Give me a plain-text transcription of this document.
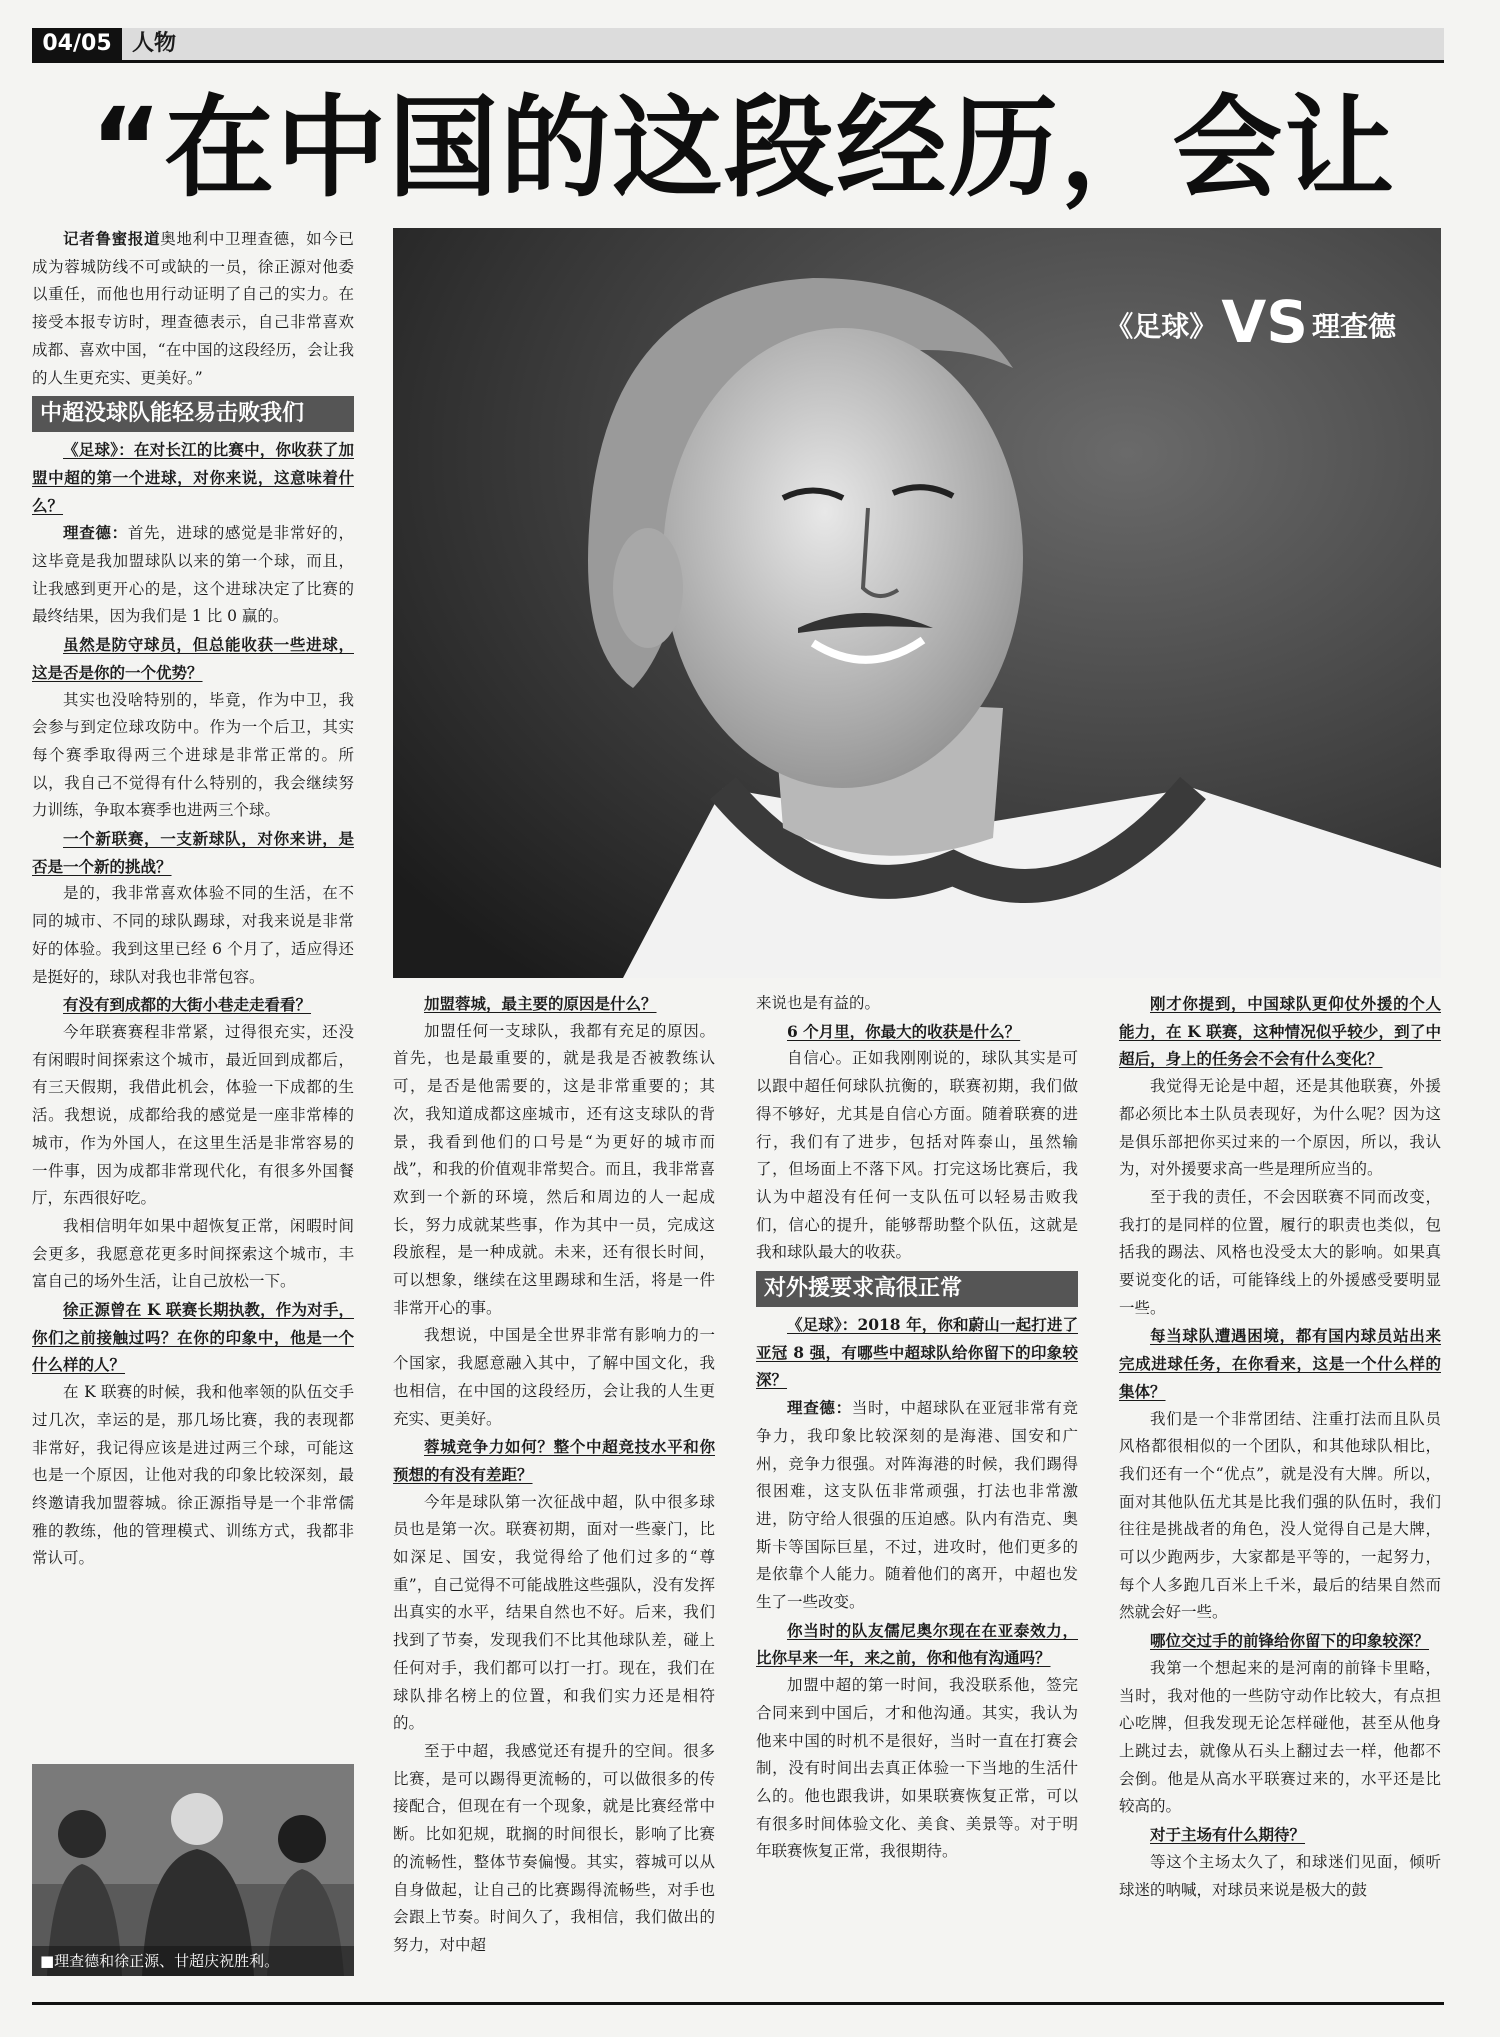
04/05 人物
“在中国的这段经历，会让
《足球》VS 理查德

记者鲁蜜报道奥地利中卫理查德，如今已成为蓉城防线不可或缺的一员，徐正源对他委以重任，而他也用行动证明了自己的实力。在接受本报专访时，理查德表示，自己非常喜欢成都、喜欢中国，“在中国的这段经历，会让我的人生更充实、更美好。”

中超没球队能轻易击败我们

《足球》：在对长江的比赛中，你收获了加盟中超的第一个进球，对你来说，这意味着什么？

理查德：首先，进球的感觉是非常好的，这毕竟是我加盟球队以来的第一个球，而且，让我感到更开心的是，这个进球决定了比赛的最终结果，因为我们是 1 比 0 赢的。

虽然是防守球员，但总能收获一些进球，这是否是你的一个优势？

其实也没啥特别的，毕竟，作为中卫，我会参与到定位球攻防中。作为一个后卫，其实每个赛季取得两三个进球是非常正常的。所以，我自己不觉得有什么特别的，我会继续努力训练，争取本赛季也进两三个球。

一个新联赛，一支新球队，对你来讲，是否是一个新的挑战？

是的，我非常喜欢体验不同的生活，在不同的城市、不同的球队踢球，对我来说是非常好的体验。我到这里已经 6 个月了，适应得还是挺好的，球队对我也非常包容。

有没有到成都的大街小巷走走看看？

今年联赛赛程非常紧，过得很充实，还没有闲暇时间探索这个城市，最近回到成都后，有三天假期，我借此机会，体验一下成都的生活。我想说，成都给我的感觉是一座非常棒的城市，作为外国人，在这里生活是非常容易的一件事，因为成都非常现代化，有很多外国餐厅，东西很好吃。

我相信明年如果中超恢复正常，闲暇时间会更多，我愿意花更多时间探索这个城市，丰富自己的场外生活，让自己放松一下。

徐正源曾在 K 联赛长期执教，作为对手，你们之前接触过吗？在你的印象中，他是一个什么样的人？

在 K 联赛的时候，我和他率领的队伍交手过几次，幸运的是，那几场比赛，我的表现都非常好，我记得应该是进过两三个球，可能这也是一个原因，让他对我的印象比较深刻，最终邀请我加盟蓉城。徐正源指导是一个非常儒雅的教练，他的管理模式、训练方式，我都非常认可。

■理查德和徐正源、甘超庆祝胜利。

加盟蓉城，最主要的原因是什么？

加盟任何一支球队，我都有充足的原因。首先，也是最重要的，就是我是否被教练认可，是否是他需要的，这是非常重要的；其次，我知道成都这座城市，还有这支球队的背景，我看到他们的口号是“为更好的城市而战”，和我的价值观非常契合。而且，我非常喜欢到一个新的环境，然后和周边的人一起成长，努力成就某些事，作为其中一员，完成这段旅程，是一种成就。未来，还有很长时间，可以想象，继续在这里踢球和生活，将是一件非常开心的事。

我想说，中国是全世界非常有影响力的一个国家，我愿意融入其中，了解中国文化，我也相信，在中国的这段经历，会让我的人生更充实、更美好。

蓉城竞争力如何？整个中超竞技水平和你预想的有没有差距？

今年是球队第一次征战中超，队中很多球员也是第一次。联赛初期，面对一些豪门，比如深足、国安，我觉得给了他们过多的“尊重”，自己觉得不可能战胜这些强队，没有发挥出真实的水平，结果自然也不好。后来，我们找到了节奏，发现我们不比其他球队差，碰上任何对手，我们都可以打一打。现在，我们在球队排名榜上的位置，和我们实力还是相符的。

至于中超，我感觉还有提升的空间。很多比赛，是可以踢得更流畅的，可以做很多的传接配合，但现在有一个现象，就是比赛经常中断。比如犯规，耽搁的时间很长，影响了比赛的流畅性，整体节奏偏慢。其实，蓉城可以从自身做起，让自己的比赛踢得流畅些，对手也会跟上节奏。时间久了，我相信，我们做出的努力，对中超

来说也是有益的。

6 个月里，你最大的收获是什么？

自信心。正如我刚刚说的，球队其实是可以跟中超任何球队抗衡的，联赛初期，我们做得不够好，尤其是自信心方面。随着联赛的进行，我们有了进步，包括对阵泰山，虽然输了，但场面上不落下风。打完这场比赛后，我认为中超没有任何一支队伍可以轻易击败我们，信心的提升，能够帮助整个队伍，这就是我和球队最大的收获。

对外援要求高很正常

《足球》：2018 年，你和蔚山一起打进了亚冠 8 强，有哪些中超球队给你留下的印象较深？

理查德：当时，中超球队在亚冠非常有竞争力，我印象比较深刻的是海港、国安和广州，竞争力很强。对阵海港的时候，我们踢得很困难，这支队伍非常顽强，打法也非常激进，防守给人很强的压迫感。队内有浩克、奥斯卡等国际巨星，不过，进攻时，他们更多的是依靠个人能力。随着他们的离开，中超也发生了一些改变。

你当时的队友儒尼奥尔现在在亚泰效力，比你早来一年，来之前，你和他有沟通吗？

加盟中超的第一时间，我没联系他，签完合同来到中国后，才和他沟通。其实，我认为他来中国的时机不是很好，当时一直在打赛会制，没有时间出去真正体验一下当地的生活什么的。他也跟我讲，如果联赛恢复正常，可以有很多时间体验文化、美食、美景等。对于明年联赛恢复正常，我很期待。

刚才你提到，中国球队更仰仗外援的个人能力，在 K 联赛，这种情况似乎较少，到了中超后，身上的任务会不会有什么变化？

我觉得无论是中超，还是其他联赛，外援都必须比本土队员表现好，为什么呢？因为这是俱乐部把你买过来的一个原因，所以，我认为，对外援要求高一些是理所应当的。

至于我的责任，不会因联赛不同而改变，我打的是同样的位置，履行的职责也类似，包括我的踢法、风格也没受太大的影响。如果真要说变化的话，可能锋线上的外援感受要明显一些。

每当球队遭遇困境，都有国内球员站出来完成进球任务，在你看来，这是一个什么样的集体？

我们是一个非常团结、注重打法而且队员风格都很相似的一个团队，和其他球队相比，我们还有一个“优点”，就是没有大牌。所以，面对其他队伍尤其是比我们强的队伍时，我们往往是挑战者的角色，没人觉得自己是大牌，可以少跑两步，大家都是平等的，一起努力，每个人多跑几百米上千米，最后的结果自然而然就会好一些。

哪位交过手的前锋给你留下的印象较深？

我第一个想起来的是河南的前锋卡里略，当时，我对他的一些防守动作比较大，有点担心吃牌，但我发现无论怎样碰他，甚至从他身上跳过去，就像从石头上翻过去一样，他都不会倒。他是从高水平联赛过来的，水平还是比较高的。

对于主场有什么期待？

等这个主场太久了，和球迷们见面，倾听球迷的呐喊，对球员来说是极大的鼓
